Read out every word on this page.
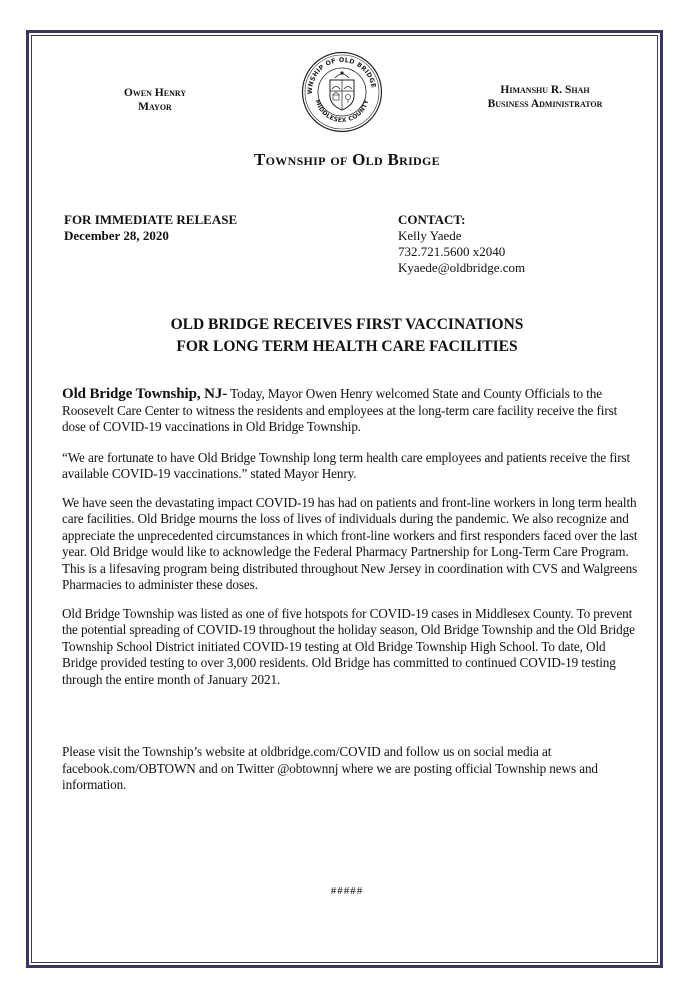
Owen Henry
Mayor
WNSHIP OF OLD BRIDGE
MIDDLESEX COUNTY
Himanshu R. Shah
Business Administrator
Township of Old Bridge
FOR IMMEDIATE RELEASE
December 28, 2020
CONTACT:
Kelly Yaede
732.721.5600 x2040
Kyaede@oldbridge.com
OLD BRIDGE RECEIVES FIRST VACCINATIONS
FOR LONG TERM HEALTH CARE FACILITIES

Old Bridge Township, NJ- Today, Mayor Owen Henry welcomed State and County Officials to the Roosevelt Care Center to witness the residents and employees at the long-term care facility receive the first dose of COVID-19 vaccinations in Old Bridge Township.

“We are fortunate to have Old Bridge Township long term health care employees and patients receive the first available COVID-19 vaccinations.” stated Mayor Henry.

We have seen the devastating impact COVID-19 has had on patients and front-line workers in long term health care facilities. Old Bridge mourns the loss of lives of individuals during the pandemic. We also recognize and appreciate the unprecedented circumstances in which front-line workers and first responders faced over the last year. Old Bridge would like to acknowledge the Federal Pharmacy Partnership for Long-Term Care Program. This is a lifesaving program being distributed throughout New Jersey in coordination with CVS and Walgreens Pharmacies to administer these doses.

Old Bridge Township was listed as one of five hotspots for COVID-19 cases in Middlesex County. To prevent the potential spreading of COVID-19 throughout the holiday season, Old Bridge Township and the Old Bridge Township School District initiated COVID-19 testing at Old Bridge Township High School. To date, Old Bridge provided testing to over 3,000 residents. Old Bridge has committed to continued COVID-19 testing through the entire month of January 2021.

Please visit the Township’s website at oldbridge.com/COVID and follow us on social media at facebook.com/OBTOWN and on Twitter @obtownnj where we are posting official Township news and information.

#####
